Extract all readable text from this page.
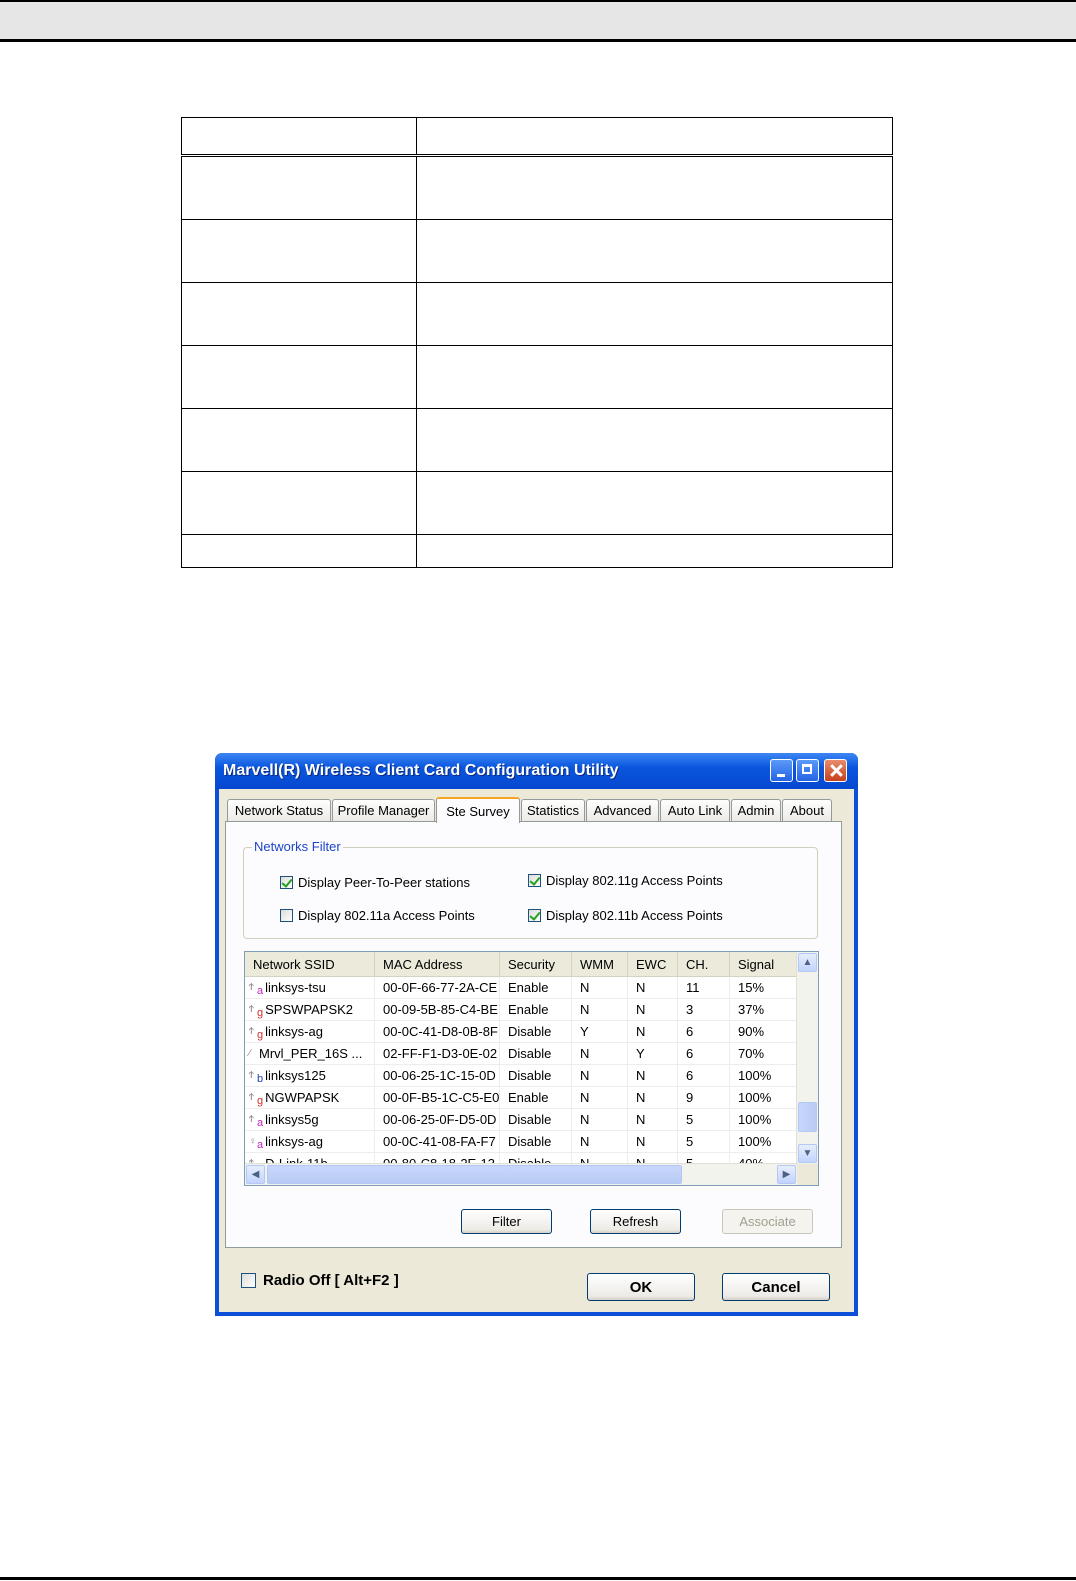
Marvell(R) Wireless Client Card Configuration Utility
Network Status	Profile Manager	Ste Survey	Statistics	Advanced	Auto Link	Admin	About
Networks Filter
Display Peer-To-Peer stations	Display 802.11g Access Points
Display 802.11a Access Points	Display 802.11b Access Points
Network SSID	MAC Address	Security	WMM	EWC	CH.	Signal
Ϯ a linksys-tsu	00-0F-66-77-2A-CE Enable	N	N	11	15%
Ϯ g SPSWPAPSK2	00-09-5B-85-C4-BE Enable	N	N	3	37%
Ϯ g linksys-ag	00-0C-41-D8-0B-8F Disable	Y	N	6	90%
⁄ Mrvl_PER_16S ...	02-FF-F1-D3-0E-02 Disable	N	Y	6	70%
Ϯ b linksys125	00-06-25-1C-15-0D Disable	N	N	6	100%
Ϯ g NGWPAPSK	00-0F-B5-1C-C5-E0 Enable	N	N	9	100%
Ϯ a linksys5g	00-06-25-0F-D5-0D Disable	N	N	5	100%
♀ a linksys-ag	00-0C-41-08-FA-F7 Disable	N	N	5	100%
▲
▼
◀	▶
Filter	Refresh	Associate
Radio Off [ Alt+F2 ]	OK	Cancel
